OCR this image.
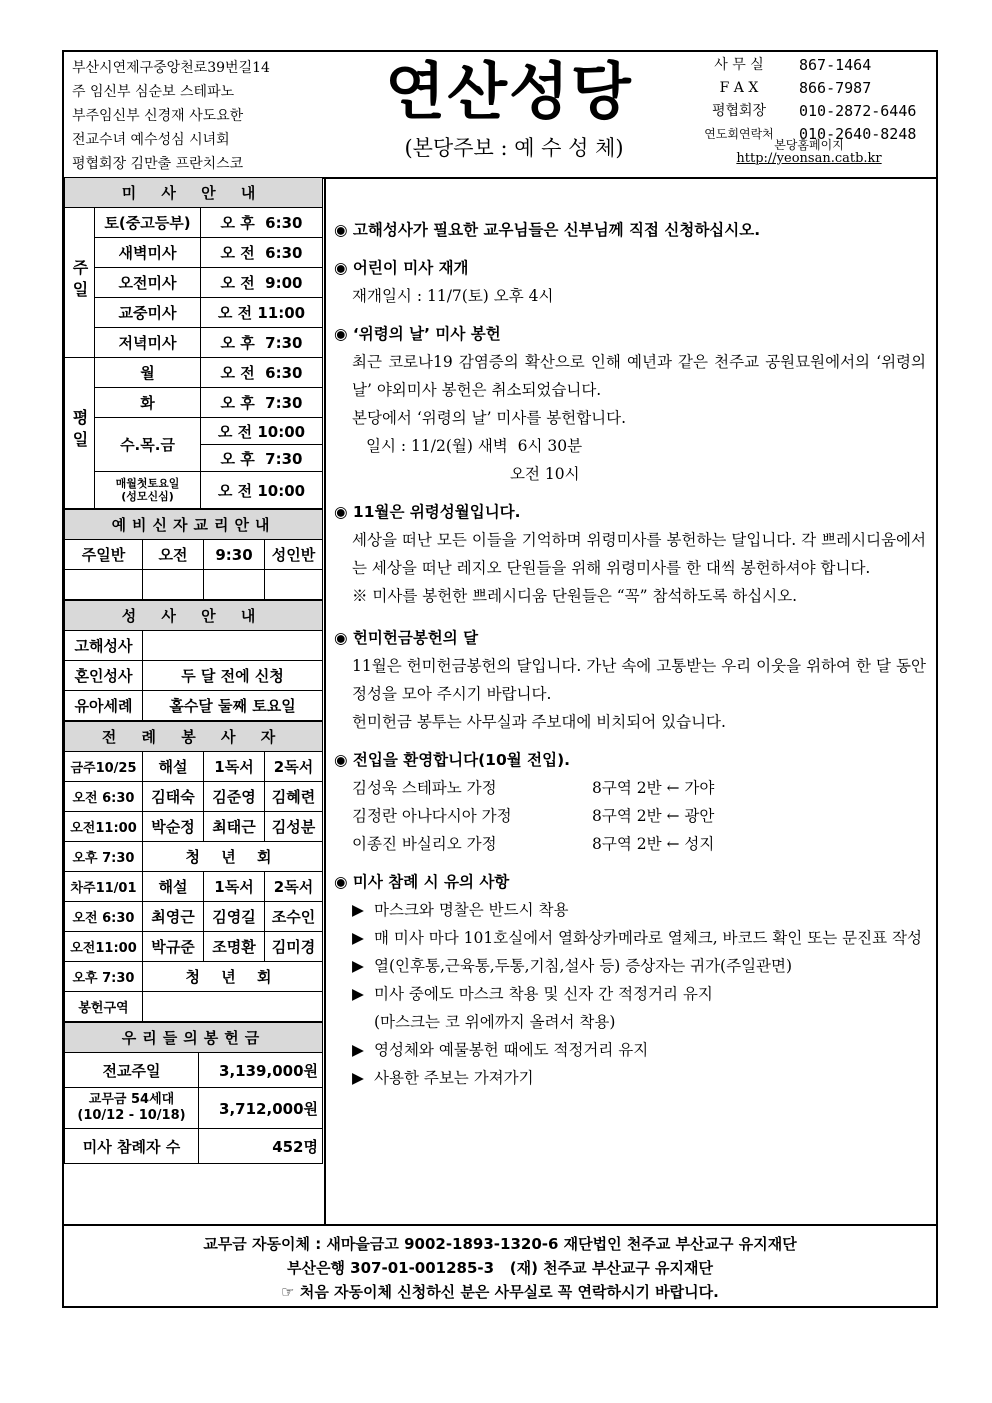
부산시연제구중앙천로39번길14
주 임신부 심순보 스테파노
부주임신부 신경재 사도요한
전교수녀 예수성심 시녀회
평협회장 김만출 프란치스코
연산성당
(본당주보 : 예 수 성 체)
사 무 실	867-1464
F A X	866-7987
평협회장	010-2872-6446
연도회연락처	010-2640-8248
본당홈페이지
http://yeonsan.catb.kr
미 사 안 내		
주일	토(중고등부)	오 후  6:30
	새벽미사	오 전  6:30
	오전미사	오 전  9:00
	교중미사	오 전 11:00
	저녁미사	오 후  7:30
평일	월	오 전  6:30
	화	오 후  7:30
	수.목.금	오 전 10:00
		오 후  7:30
	매월첫토요일
(성모신심)	오 전 10:00
예비신자교리안내			
주일반	오전	9:30	성인반

성 사 안 내	
고해성사	
혼인성사	두 달 전에 신청
유아세례	홀수달 둘째 토요일
전 례 봉 사 자			
금주10/25	해설	1독서	2독서
오전 6:30	김태숙	김준영	김혜련
오전11:00	박순정	최태근	김성분
오후 7:30	청 년 회		
차주11/01	해설	1독서	2독서
오전 6:30	최영근	김영길	조수인
오전11:00	박규준	조명환	김미경
오후 7:30	청 년 회		
봉헌구역			
우리들의봉헌금	
전교주일	3,139,000원
교무금 54세대
(10/12 - 10/18)	3,712,000원
미사 참례자 수	452명
◉ 고해성사가 필요한 교우님들은 신부님께 직접 신청하십시오.
◉ 어린이 미사 재개
재개일시 : 11/7(토) 오후 4시
◉ ‘위령의 날’ 미사 봉헌

최근 코로나19 감염증의 확산으로 인해 예년과 같은 천주교 공원묘원에서의 ‘위령의 날’ 야외미사 봉헌은 취소되었습니다.

본당에서 ‘위령의 날’ 미사를 봉헌합니다.

일시 : 11/2(월) 새벽  6시 30분
오전 10시
◉ 11월은 위령성월입니다.

세상을 떠난 모든 이들을 기억하며 위령미사를 봉헌하는 달입니다. 각 쁘레시디움에서는 세상을 떠난 레지오 단원들을 위해 위령미사를 한 대씩 봉헌하셔야 합니다.

※ 미사를 봉헌한 쁘레시디움 단원들은 “꼭” 참석하도록 하십시오.

◉ 헌미헌금봉헌의 달

11월은 헌미헌금봉헌의 달입니다. 가난 속에 고통받는 우리 이웃을 위하여 한 달 동안 정성을 모아 주시기 바랍니다.

헌미헌금 봉투는 사무실과 주보대에 비치되어 있습니다.

◉ 전입을 환영합니다(10월 전입).
김성욱 스테파노 가정	8구역 2반 ← 가야
김정란 아나다시아 가정	8구역 2반 ← 광안
이종진 바실리오 가정	8구역 2반 ← 성지
◉ 미사 참례 시 유의 사항
▶ 마스크와 명찰은 반드시 착용
▶ 매 미사 마다 101호실에서 열화상카메라로 열체크, 바코드 확인 또는 문진표 작성
▶ 열(인후통,근육통,두통,기침,설사 등) 증상자는 귀가(주일관면)
▶ 미사 중에도 마스크 착용 및 신자 간 적정거리 유지
(마스크는 코 위에까지 올려서 착용)
▶ 영성체와 예물봉헌 때에도 적정거리 유지
▶ 사용한 주보는 가져가기
교무금 자동이체 : 새마을금고 9002-1893-1320-6 재단법인 천주교 부산교구 유지재단
부산은행 307-01-001285-3   (재) 천주교 부산교구 유지재단
☞ 처음 자동이체 신청하신 분은 사무실로 꼭 연락하시기 바랍니다.
